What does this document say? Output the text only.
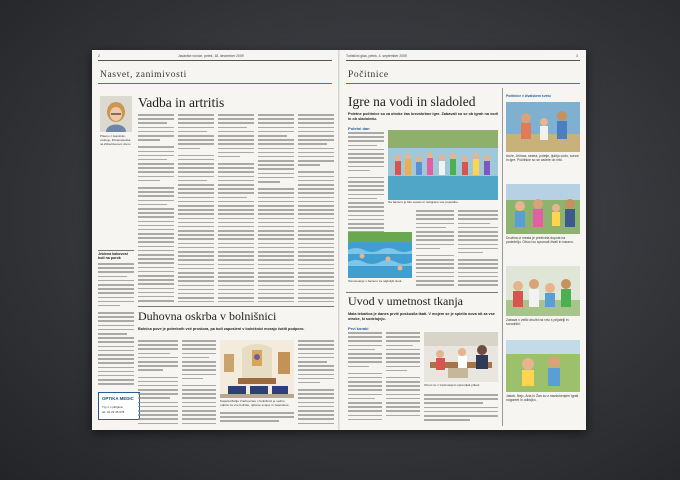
2	Javantke novice, petek, 18. december 2009
Nasvet, zanimivosti
Pišemo z Jasminko, vodenje, fizioterapevtka na Zdravstvenem domu
Vadba in artritis
Jeklena kakovost tudi na porok
OPTIKA MEDIC
Trg 1, Ljubljana
tel. 01 23 45 678
Duhovna oskrba v bolnišnici
Bolnica pove je potrebnih več prostora, pa tudi zaposleni v bolnišnici morajo čutiti podporo.
Kapela Marije Vnebovzete v bolnišnici je vedno odprta za vse bolnike, njihove svojce in zaposlene.
Turistični glas, petek, 4. september 2009	3
Počitnice
Igre na vodi in sladoled
Poletne počitnice so za otroke čas brezskrbne igre. Zabavali so se ob igrah na vodi in ob sladoledu.
Poletni dan
Na bazenu je bilo veselo in razigrano vse popoldne.
Tekmovanje v bazenu za najboljši skok.
Uvod v umetnost tkanja
Mala tekačica je danes prvič poskusila tkati. V mojem se je spletla nova nit za vse otroke, ki sodelujejo.
Prvi koraki
Otroci so z zanimanjem spremljali prikaz.
Počitnice v živalskem svetu
Anže, Jelinca, sestra, poletje, ljubijo vodo, sonce in igre. Počitnice so se začele ob reki.
Družina iz mesta je preživela dopust na podeželju. Otroci so spoznali živali in naravo.
Zabava v veliki družbi na vrtu s prijatelji in sorodniki.
Jakob, Nejc, Ana in Žan so z navdušenjem igrali nogomet in odbojko.
